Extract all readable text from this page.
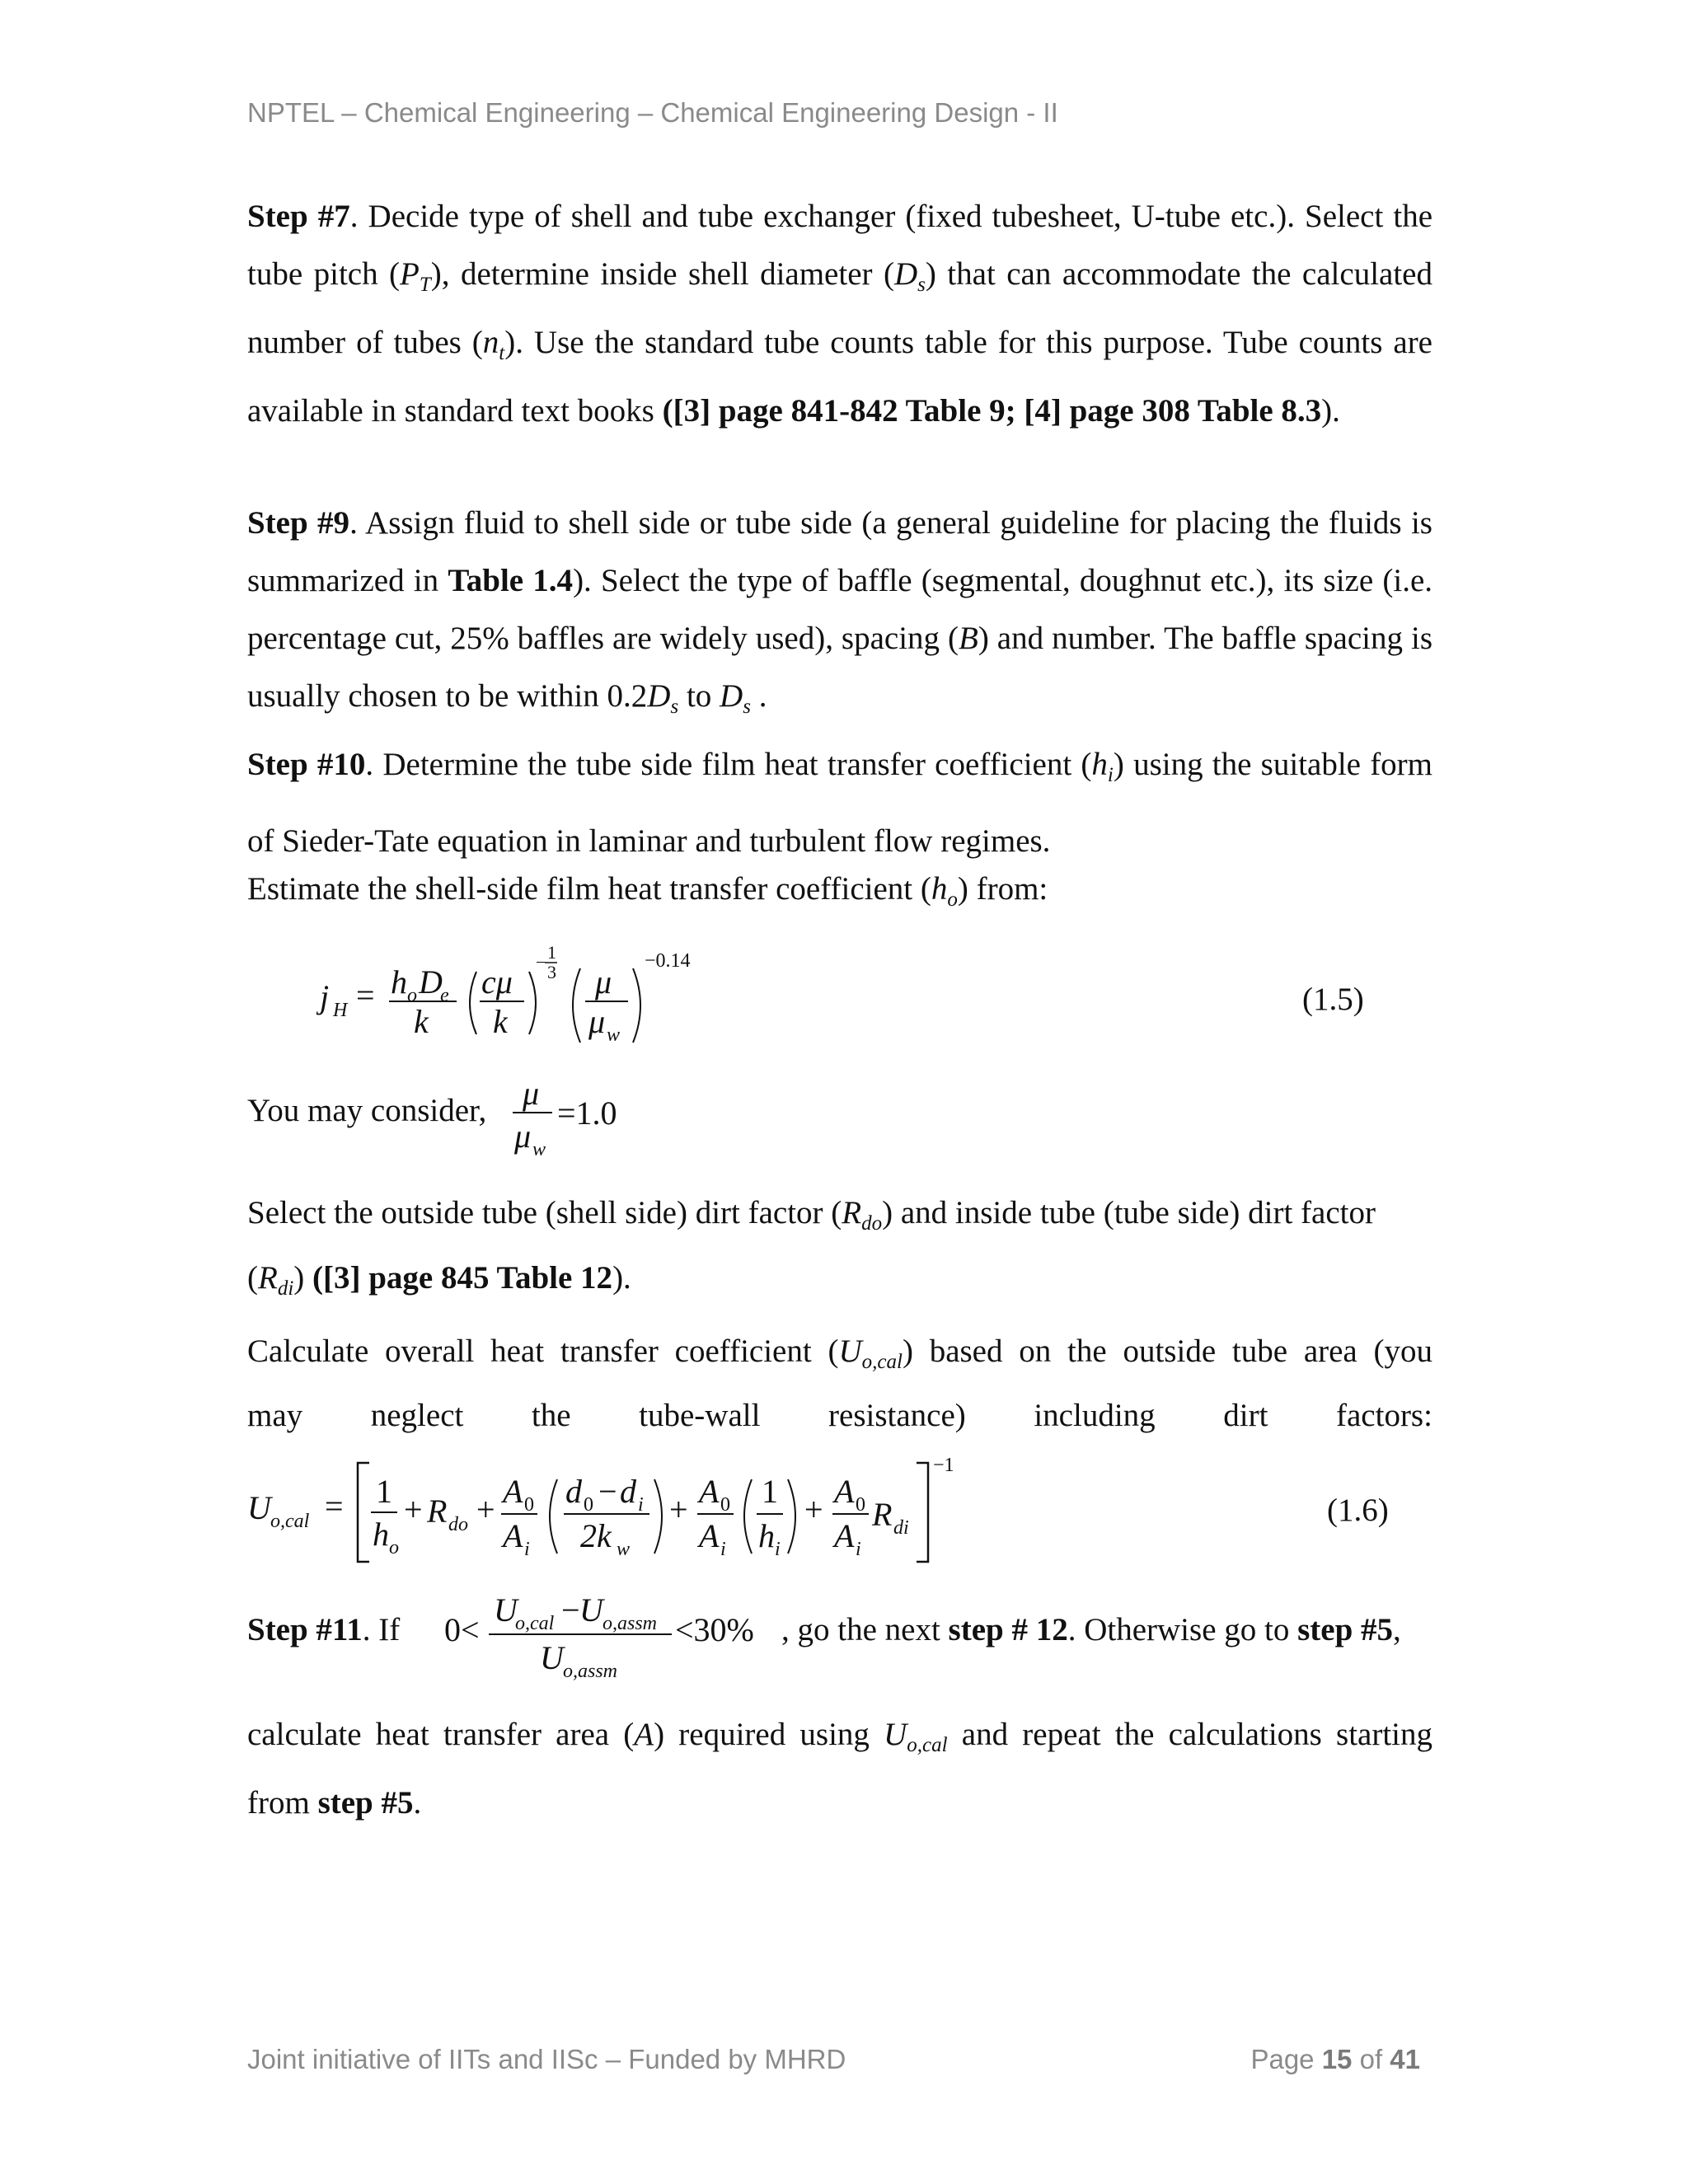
NPTEL – Chemical Engineering – Chemical Engineering Design - II
Step #7. Decide type of shell and tube exchanger (fixed tubesheet, U-tube etc.). Select the tube pitch $(P_T)$, determine inside shell diameter $(D_s)$ that can accommodate the calculated number of tubes $(n_t)$. Use the standard tube counts table for this purpose. Tube counts are available in standard text books ([3] page 841-842 Table 9; [4] page 308 Table 8.3).
Step #9. Assign fluid to shell side or tube side (a general guideline for placing the fluids is summarized in Table 1.4). Select the type of baffle (segmental, doughnut etc.), its size (i.e. percentage cut, 25% baffles are widely used), spacing (B) and number. The baffle spacing is usually chosen to be within $0.2D_s$ to $D_s$ .
Step #10. Determine the tube side film heat transfer coefficient $(h_i)$ using the suitable form of Sieder-Tate equation in laminar and turbulent flow regimes.
Estimate the shell-side film heat transfer coefficient $(h_o)$ from:
j H = h o D
e
k
cμ
k
− 1
3 μ
μ w
−0.14
(1.5)
You may consider,	μ
μ w
=1.0
Select the outside tube (shell side) dirt factor $(R_{do})$ and inside tube (tube side) dirt factor
$(R_{di})$ ([3] page 845 Table 12).
Calculate overall heat transfer coefficient $(U_{o,cal})$ based on the outside tube area (you
may neglect the tube-wall resistance) including dirt factors:
U o,cal = 1
h o
+ R do + A 0
A i
d 0 − d i
2k w
+ A 0
A i
1
h i
+ A 0
A i
R di
−1
(1.6)
Step #11. If	0<
U
o,cal − U o,assm
U o,assm
<30% , go the next step # 12. Otherwise go to step #5,
calculate heat transfer area (A) required using $U_{o,cal}$ and repeat the calculations starting
from step #5.
Joint initiative of IITs and IISc – Funded by MHRD	Page 15 of 41
